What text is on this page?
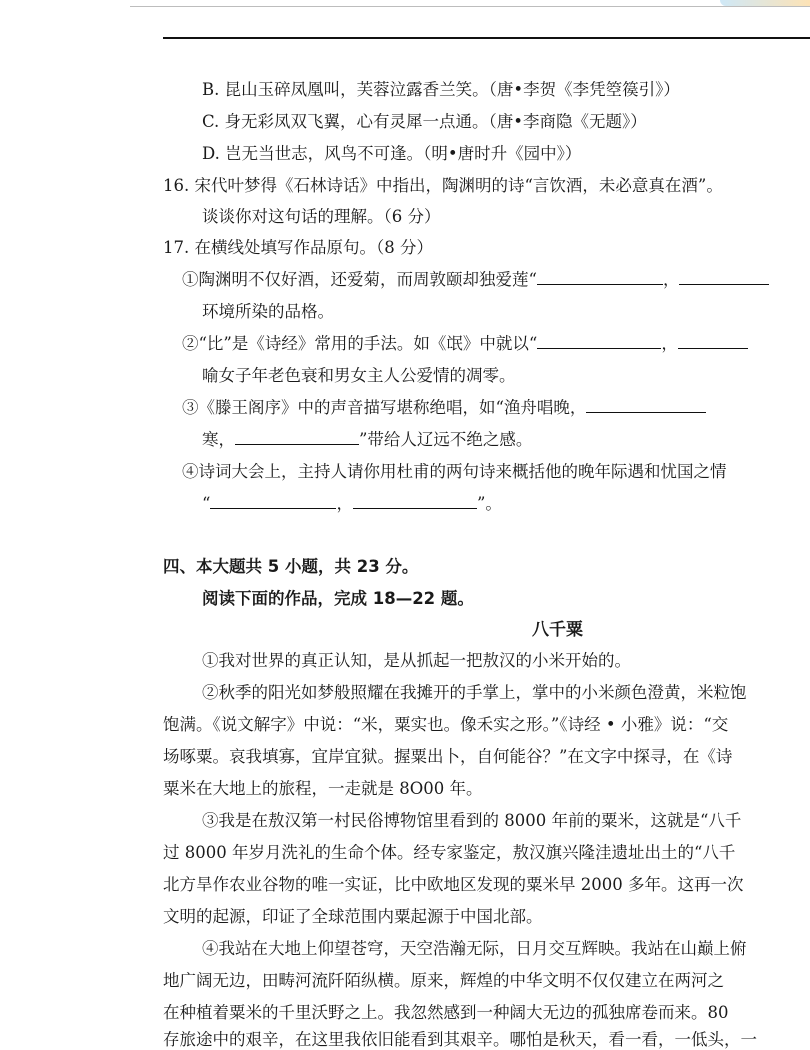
B. 昆山玉碎凤凰叫，芙蓉泣露香兰笑。（唐•李贺《李凭箜篌引》）
C. 身无彩凤双飞翼，心有灵犀一点通。（唐•李商隐《无题》）
D. 岂无当世志，风鸟不可逢。（明•唐时升《园中》）
16. 宋代叶梦得《石林诗话》中指出，陶渊明的诗“言饮酒，未必意真在酒”。
谈谈你对这句话的理解。（6 分）
17. 在横线处填写作品原句。（8 分）
①陶渊明不仅好酒，还爱菊，而周敦颐却独爱莲“	，
环境所染的品格。
②“比”是《诗经》常用的手法。如《氓》中就以“	，
喻女子年老色衰和男女主人公爱情的凋零。
③《滕王阁序》中的声音描写堪称绝唱，如“渔舟唱晚，
寒，	”带给人辽远不绝之感。
④诗词大会上，主持人请你用杜甫的两句诗来概括他的晚年际遇和忧国之情
“	，	”。
四、本大题共 5 小题，共 23 分。
阅读下面的作品，完成 18—22 题。
八千粟
①我对世界的真正认知，是从抓起一把敖汉的小米开始的。
②秋季的阳光如梦般照耀在我摊开的手掌上，掌中的小米颜色澄黄，米粒饱
饱满。《说文解字》中说：“米，粟实也。像禾实之形。”《诗经 • 小雅》说：“交
场啄粟。哀我填寡，宜岸宜狱。握粟出卜，自何能谷？”在文字中探寻，在《诗
粟米在大地上的旅程，一走就是 8O00 年。
③我是在敖汉第一村民俗博物馆里看到的 8000 年前的粟米，这就是“八千
过 8000 年岁月洗礼的生命个体。经专家鉴定，敖汉旗兴隆洼遗址出土的“八千
北方旱作农业谷物的唯一实证，比中欧地区发现的粟米早 2000 多年。这再一次
文明的起源，印证了全球范围内粟起源于中国北部。
④我站在大地上仰望苍穹，天空浩瀚无际，日月交互辉映。我站在山巅上俯
地广阔无边，田畴河流阡陌纵横。原来，辉煌的中华文明不仅仅建立在两河之
在种植着粟米的千里沃野之上。我忽然感到一种阔大无边的孤独席卷而来。80
存旅途中的艰辛，在这里我依旧能看到其艰辛。哪怕是秋天，看一看，一低头，一
